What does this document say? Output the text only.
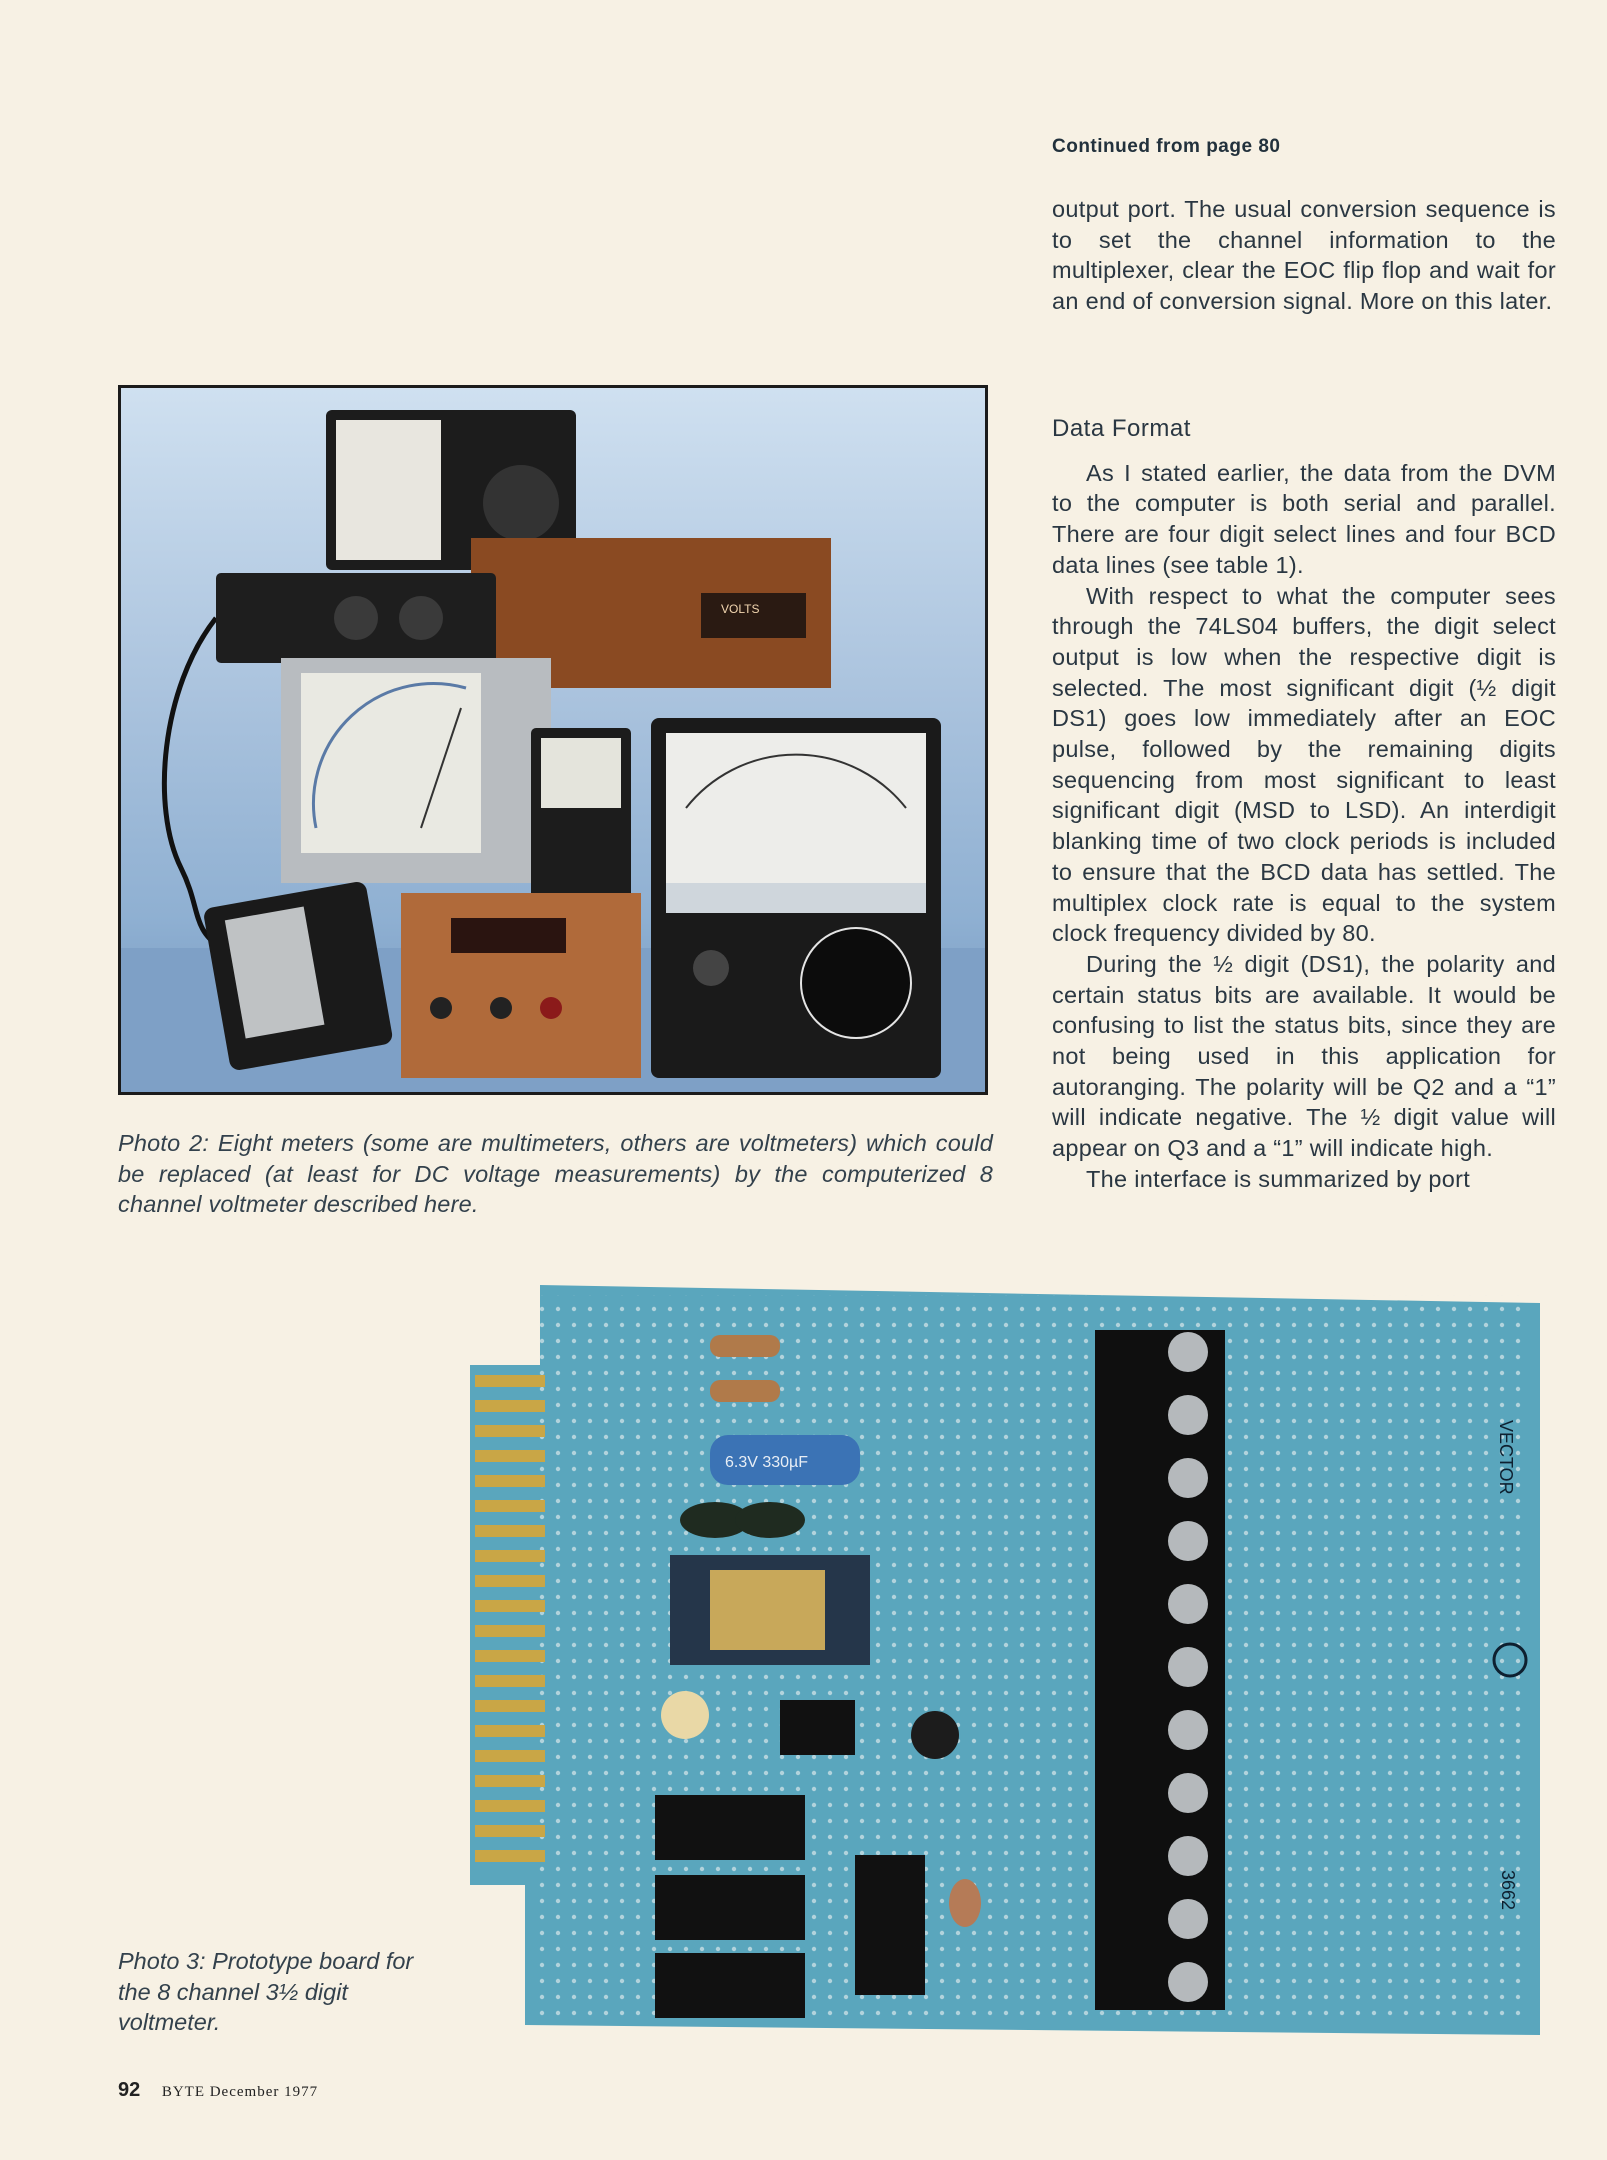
Continued from page 80

output port. The usual conversion sequence is to set the channel information to the multiplexer, clear the EOC flip flop and wait for an end of conversion signal. More on this later.

Data Format

As I stated earlier, the data from the DVM to the computer is both serial and parallel. There are four digit select lines and four BCD data lines (see table 1).

With respect to what the computer sees through the 74LS04 buffers, the digit select output is low when the respective digit is selected. The most significant digit (½ digit DS1) goes low immediately after an EOC pulse, followed by the remaining digits sequencing from most significant to least significant digit (MSD to LSD). An interdigit blanking time of two clock periods is included to ensure that the BCD data has settled. The multiplex clock rate is equal to the system clock frequency divided by 80.

During the ½ digit (DS1), the polarity and certain status bits are available. It would be confusing to list the status bits, since they are not being used in this application for autoranging. The polarity will be Q2 and a “1” will indicate negative. The ½ digit value will appear on Q3 and a “1” will indicate high.

The interface is summarized by port

VOLTS
Photo 2: Eight meters (some are multimeters, others are voltmeters) which could be replaced (at least for DC voltage measurements) by the computerized 8 channel voltmeter described here.
6.3V 330µF	VECTOR
3662
Photo 3: Prototype board for the 8 channel 3½ digit voltmeter.
92 BYTE December 1977
